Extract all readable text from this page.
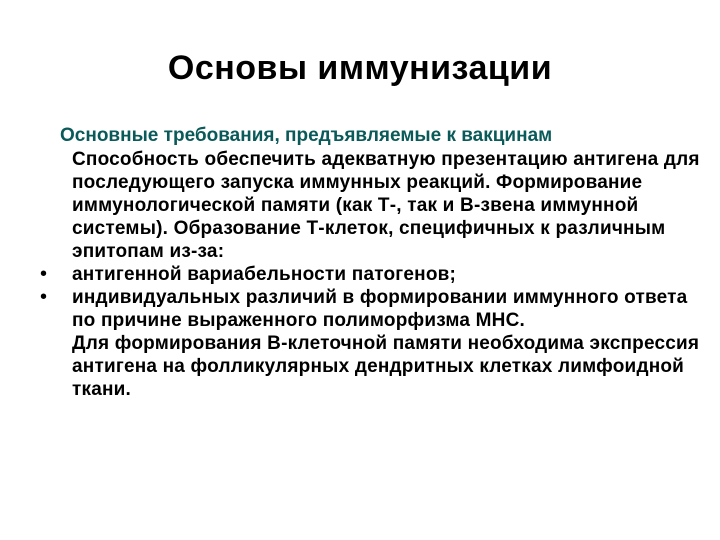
Основы иммунизации
Основные требования, предъявляемые к вакцинам
Способность обеспечить адекватную презентацию антигена для последующего запуска иммунных реакций. Формирование иммунологической памяти (как Т-, так и В-звена иммунной системы). Образование Т-клеток, специфичных к различным эпитопам из-за:
• антигенной вариабельности патогенов;
• индивидуальных различий в формировании иммунного ответа по причине выраженного полиморфизма МНС.
Для формирования В-клеточной памяти необходима экспрессия антигена на фолликулярных дендритных клетках лимфоидной ткани.
